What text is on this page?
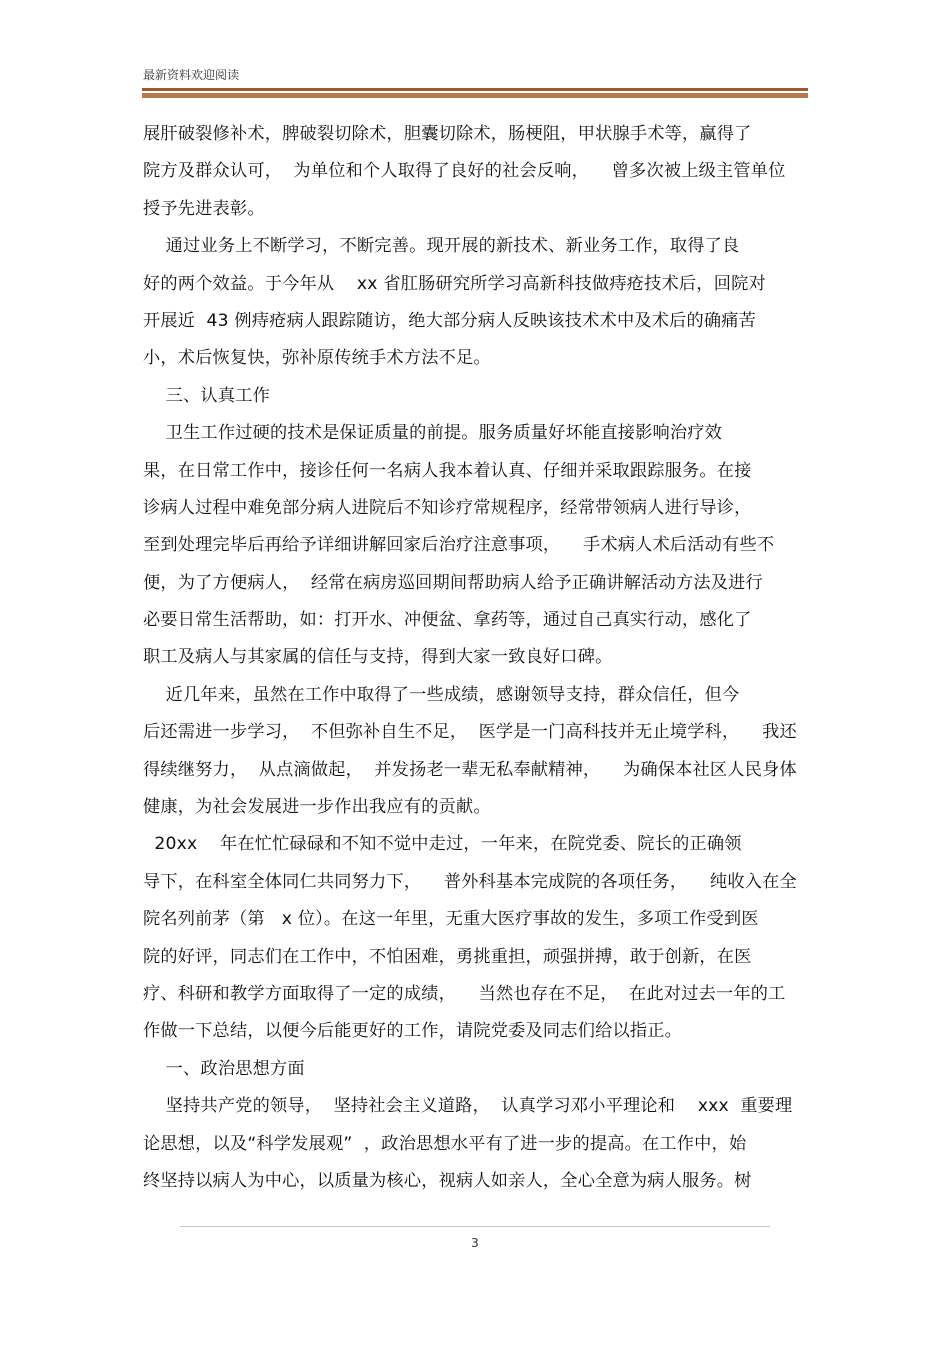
最新资料欢迎阅读
展肝破裂修补术，脾破裂切除术，胆囊切除术，肠梗阻，甲状腺手术等，赢得了
院方及群众认可，  为单位和个人取得了良好的社会反响，    曾多次被上级主管单位
授予先进表彰。
通过业务上不断学习，不断完善。现开展的新技术、新业务工作，取得了良
好的两个效益。于今年从    xx 省肛肠研究所学习高新科技做痔疮技术后，回院对
开展近  43 例痔疮病人跟踪随访，绝大部分病人反映该技术术中及术后的确痛苦
小，术后恢复快，弥补原传统手术方法不足。
三、认真工作
卫生工作过硬的技术是保证质量的前提。服务质量好坏能直接影响治疗效
果，在日常工作中，接诊任何一名病人我本着认真、仔细并采取跟踪服务。在接
诊病人过程中难免部分病人进院后不知诊疗常规程序，经常带领病人进行导诊，
至到处理完毕后再给予详细讲解回家后治疗注意事项，    手术病人术后活动有些不
便，为了方便病人，  经常在病房巡回期间帮助病人给予正确讲解活动方法及进行
必要日常生活帮助，如：打开水、冲便盆、拿药等，通过自己真实行动，感化了
职工及病人与其家属的信任与支持，得到大家一致良好口碑。
近几年来，虽然在工作中取得了一些成绩，感谢领导支持，群众信任，但今
后还需进一步学习，  不但弥补自生不足，  医学是一门高科技并无止境学科，    我还
得续继努力，  从点滴做起，  并发扬老一辈无私奉献精神，    为确保本社区人民身体
健康，为社会发展进一步作出我应有的贡献。
20xx    年在忙忙碌碌和不知不觉中走过，一年来，在院党委、院长的正确领
导下，在科室全体同仁共同努力下，    普外科基本完成院的各项任务，    纯收入在全
院名列前茅（第   x 位）。在这一年里，无重大医疗事故的发生，多项工作受到医
院的好评，同志们在工作中，不怕困难，勇挑重担，顽强拼搏，敢于创新，在医
疗、科研和教学方面取得了一定的成绩，    当然也存在不足，  在此对过去一年的工
作做一下总结，以便今后能更好的工作，请院党委及同志们给以指正。
一、政治思想方面
坚持共产党的领导，  坚持社会主义道路，  认真学习邓小平理论和    xxx  重要理
论思想，以及“科学发展观”  ，政治思想水平有了进一步的提高。在工作中，始
终坚持以病人为中心，以质量为核心，视病人如亲人，全心全意为病人服务。树
3
